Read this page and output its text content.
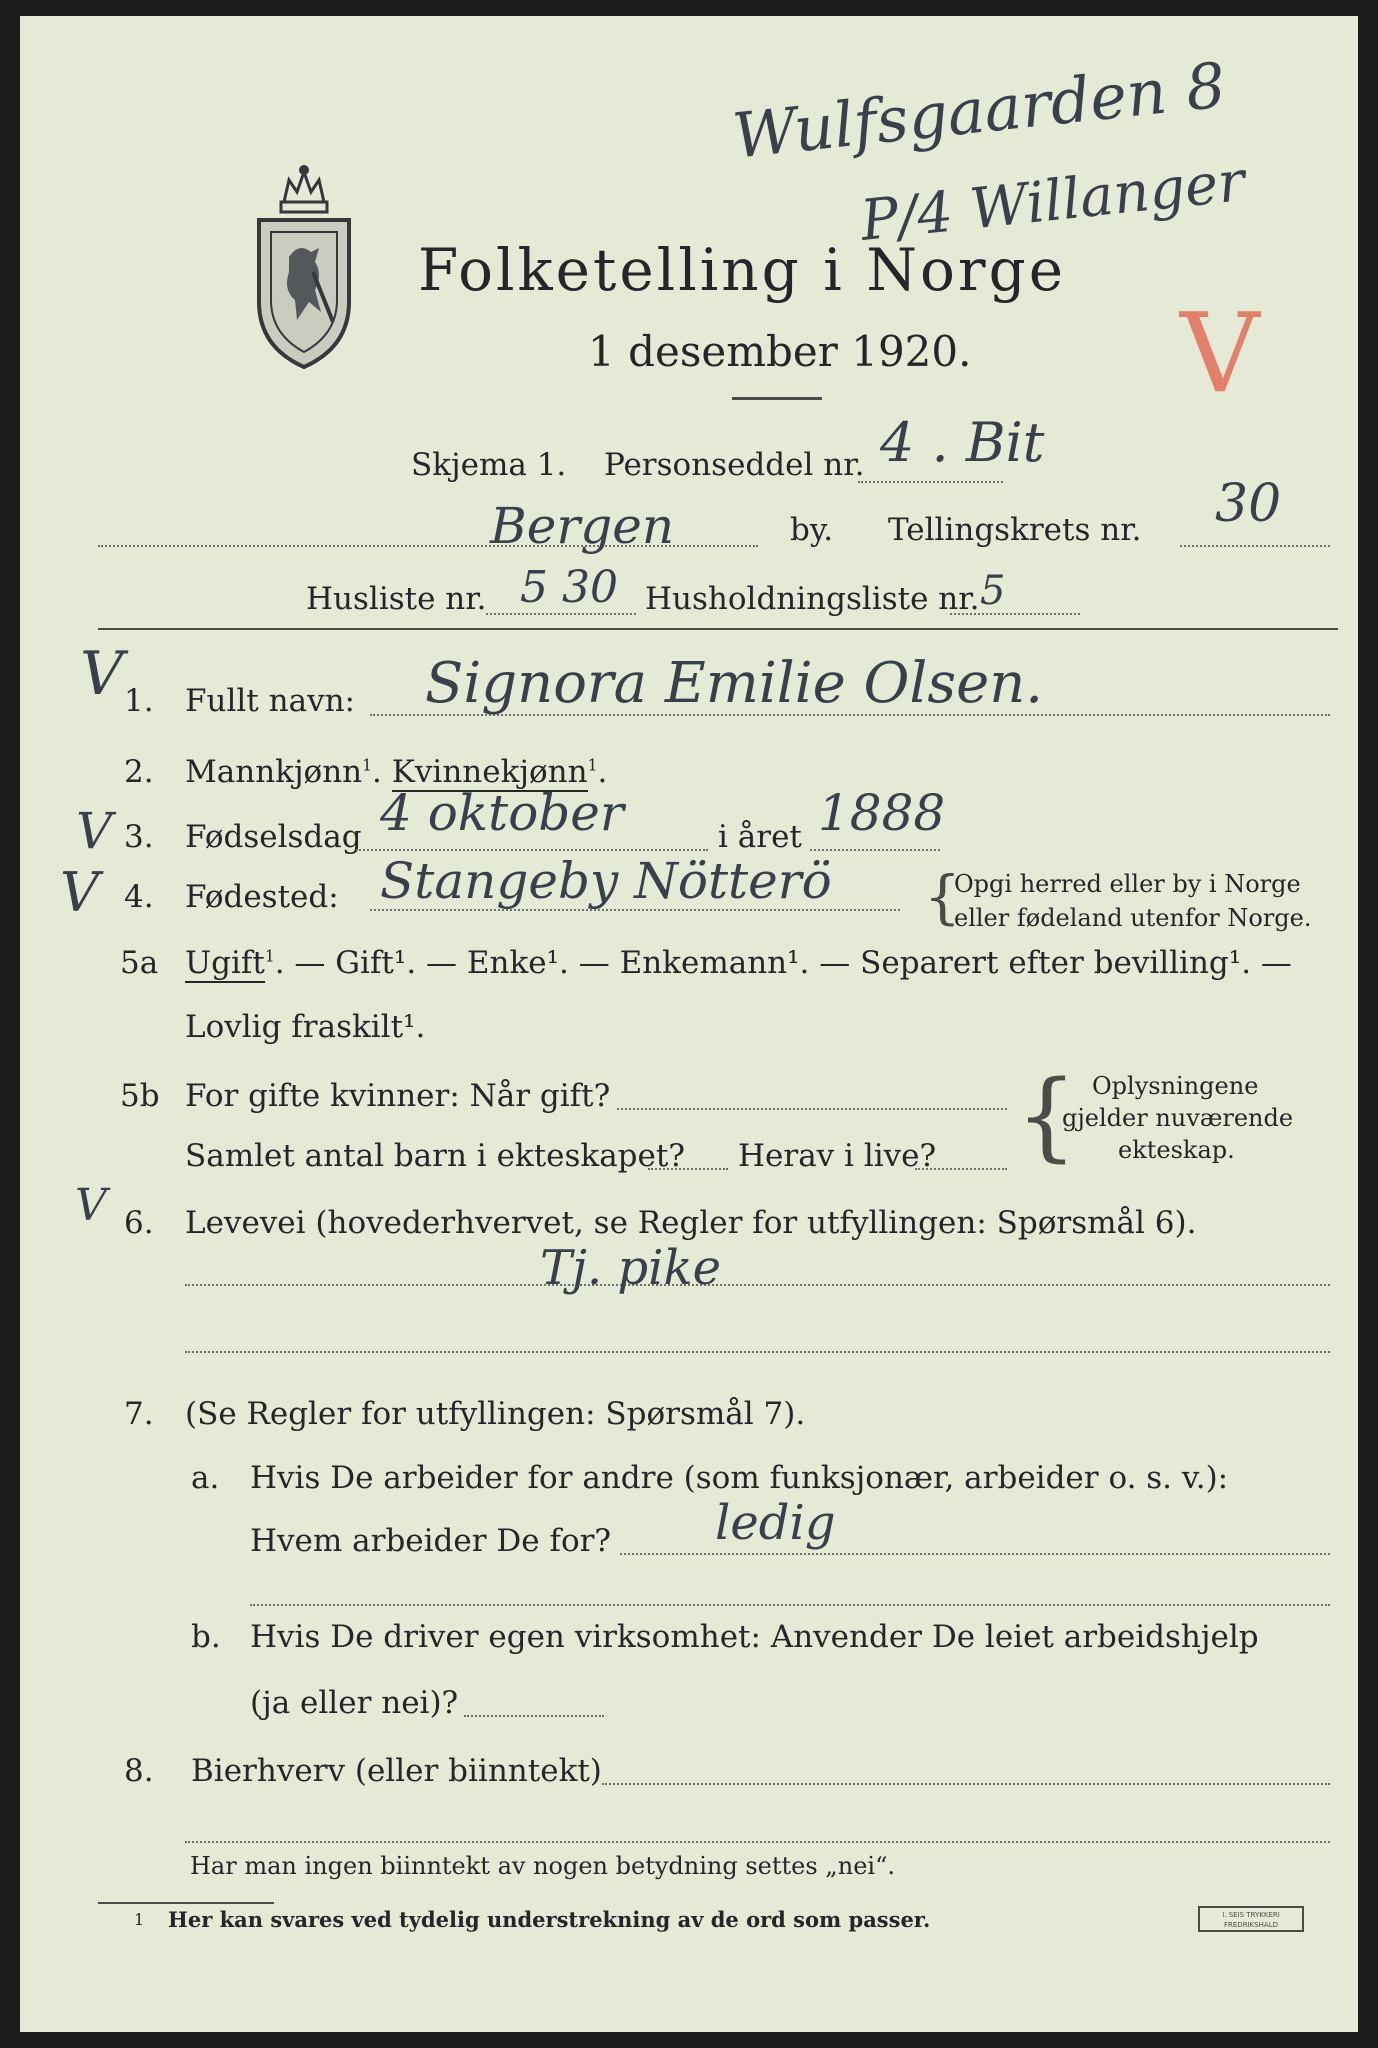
Folketelling i Norge
1 desember 1920.
Wulfsgaarden 8
P/4 Willanger
V
Skjema 1. Personseddel nr. 4 . Bit
Bergen	by. Tellingskrets nr. 30
Husliste nr. 5 30 Husholdningsliste nr. 5
V
V
V
V
1. Fullt navn: Signora Emilie Olsen.
2. Mannkjønn$^1$. Kvinnekjønn$^1$.
3. Fødselsdag 4 oktober	i året 1888
4. Fødested: Stangeby Nötterö	Opgi herred eller by i Norge
eller fødeland utenfor Norge.
{
5a Ugift$^1$. — Gift¹. — Enke¹. — Enkemann¹. — Separert efter bevilling¹. —
Lovlig fraskilt¹.
5b For gifte kvinner: Når gift?
Samlet antal barn i ekteskapet? Herav i live? { Oplysningene
gjelder nuværende
ekteskap.
6. Levevei (hovederhvervet, se Regler for utfyllingen: Spørsmål 6).
Tj. pike
7. (Se Regler for utfyllingen: Spørsmål 7).
a. Hvis De arbeider for andre (som funksjonær, arbeider o. s. v.):
Hvem arbeider De for? ledig
b. Hvis De driver egen virksomhet: Anvender De leiet arbeidshjelp
(ja eller nei)?
8. Bierhverv (eller biinntekt)
Har man ingen biinntekt av nogen betydning settes „nei“.
1 Her kan svares ved tydelig understrekning av de ord som passer.	I. SEIS TRYKKERI FREDRIKSHALD
